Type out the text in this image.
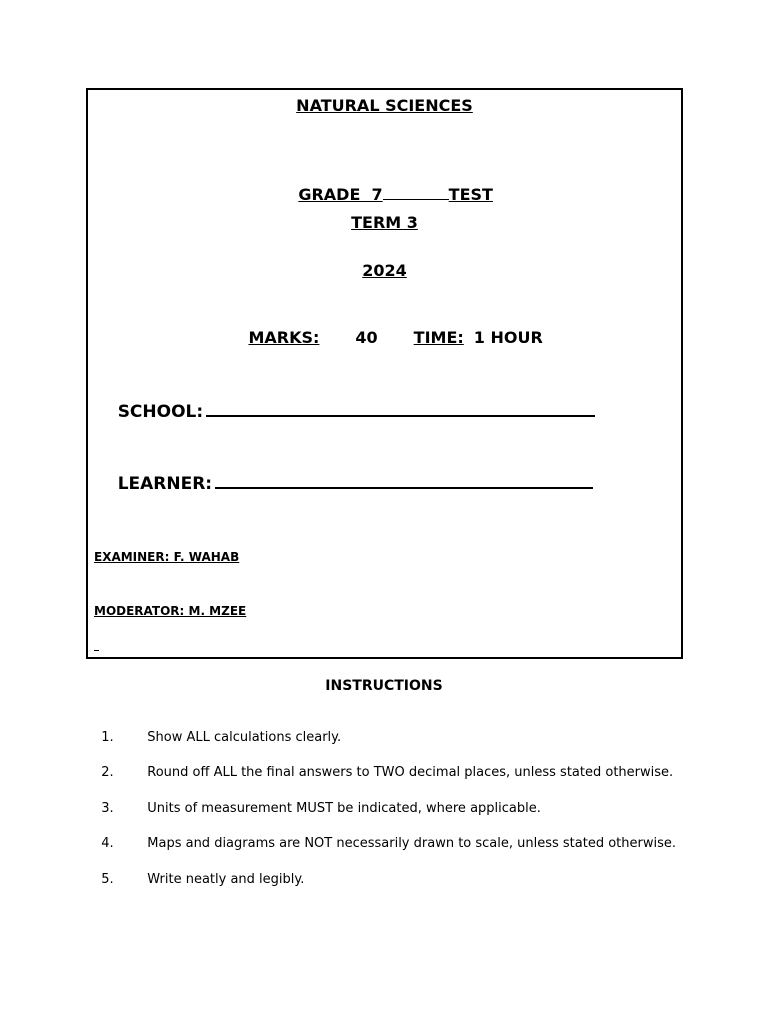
NATURAL SCIENCES

GRADE  7	TEST

TERM 3
2024

MARKS: 40 TIME: 1 HOUR

SCHOOL:

LEARNER:

EXAMINER: F. WAHAB
MODERATOR: M. MZEE
INSTRUCTIONS

1.	Show ALL calculations clearly.

2.	Round off ALL the final answers to TWO decimal places, unless stated otherwise.

3.	Units of measurement MUST be indicated, where applicable.

4.	Maps and diagrams are NOT necessarily drawn to scale, unless stated otherwise.

5.	Write neatly and legibly.
